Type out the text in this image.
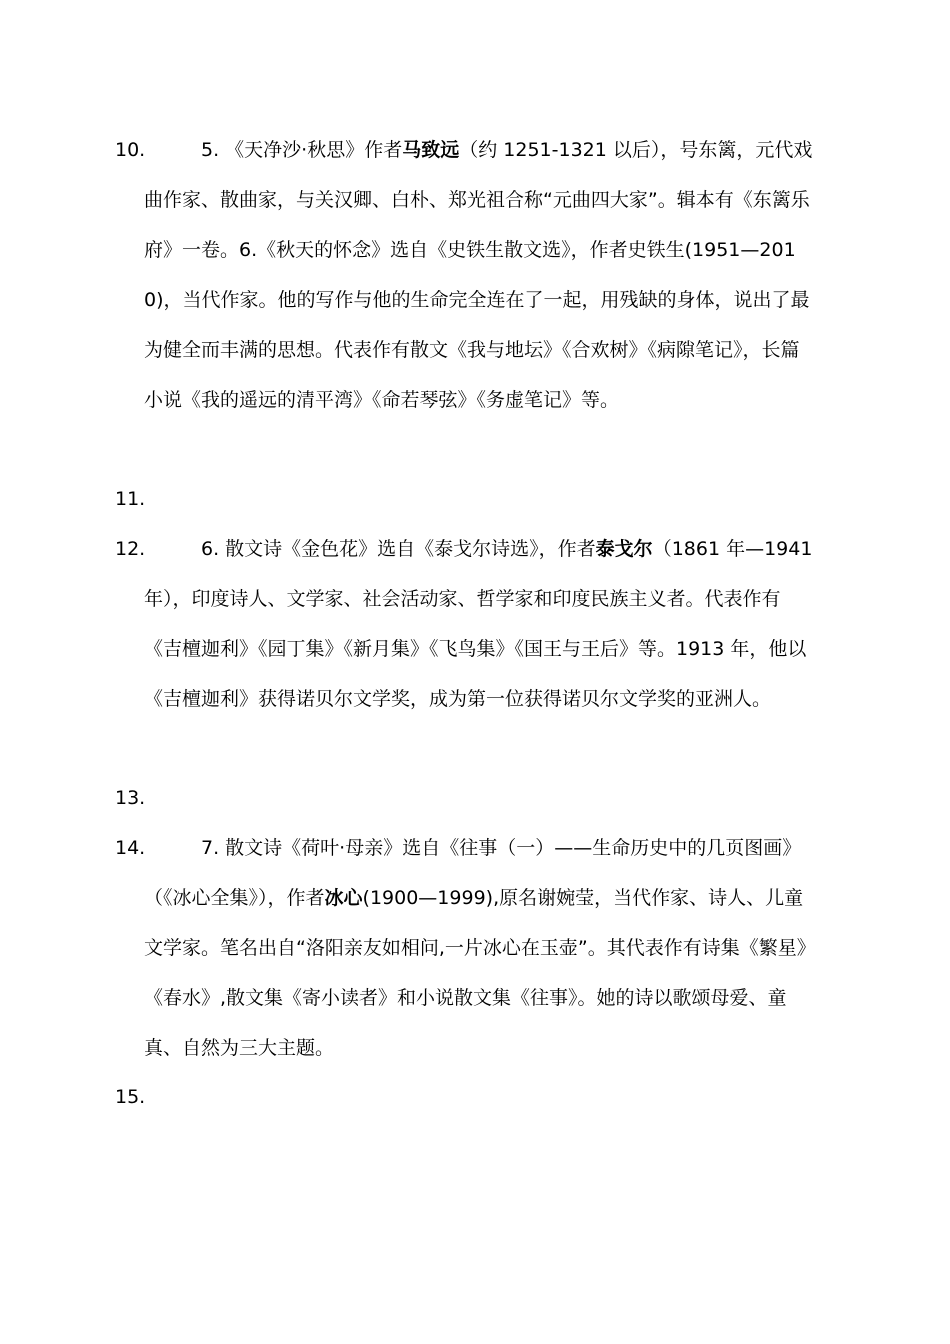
10.	5. 《天净沙·秋思》作者马致远（约 1251-1321 以后），号东篱，元代戏曲作家、散曲家，与关汉卿、白朴、郑光祖合称“元曲四大家”。辑本有《东篱乐府》一卷。6.《秋天的怀念》选自《史铁生散文选》，作者史铁生(1951—2010)，当代作家。他的写作与他的生命完全连在了一起，用残缺的身体，说出了最为健全而丰满的思想。代表作有散文《我与地坛》《合欢树》《病隙笔记》，长篇小说《我的遥远的清平湾》《命若琴弦》《务虚笔记》等。
11.
12.	6. 散文诗《金色花》选自《泰戈尔诗选》，作者泰戈尔（1861 年—1941 年），印度诗人、文学家、社会活动家、哲学家和印度民族主义者。代表作有《吉檀迦利》《园丁集》《新月集》《飞鸟集》《国王与王后》等。1913 年，他以《吉檀迦利》获得诺贝尔文学奖，成为第一位获得诺贝尔文学奖的亚洲人。
13.
14.	7. 散文诗《荷叶·母亲》选自《往事（一）——生命历史中的几页图画》（《冰心全集》），作者冰心(1900—1999),原名谢婉莹，当代作家、诗人、儿童文学家。笔名出自“洛阳亲友如相问,一片冰心在玉壶”。其代表作有诗集《繁星》《春水》,散文集《寄小读者》和小说散文集《往事》。她的诗以歌颂母爱、童真、自然为三大主题。
15.
